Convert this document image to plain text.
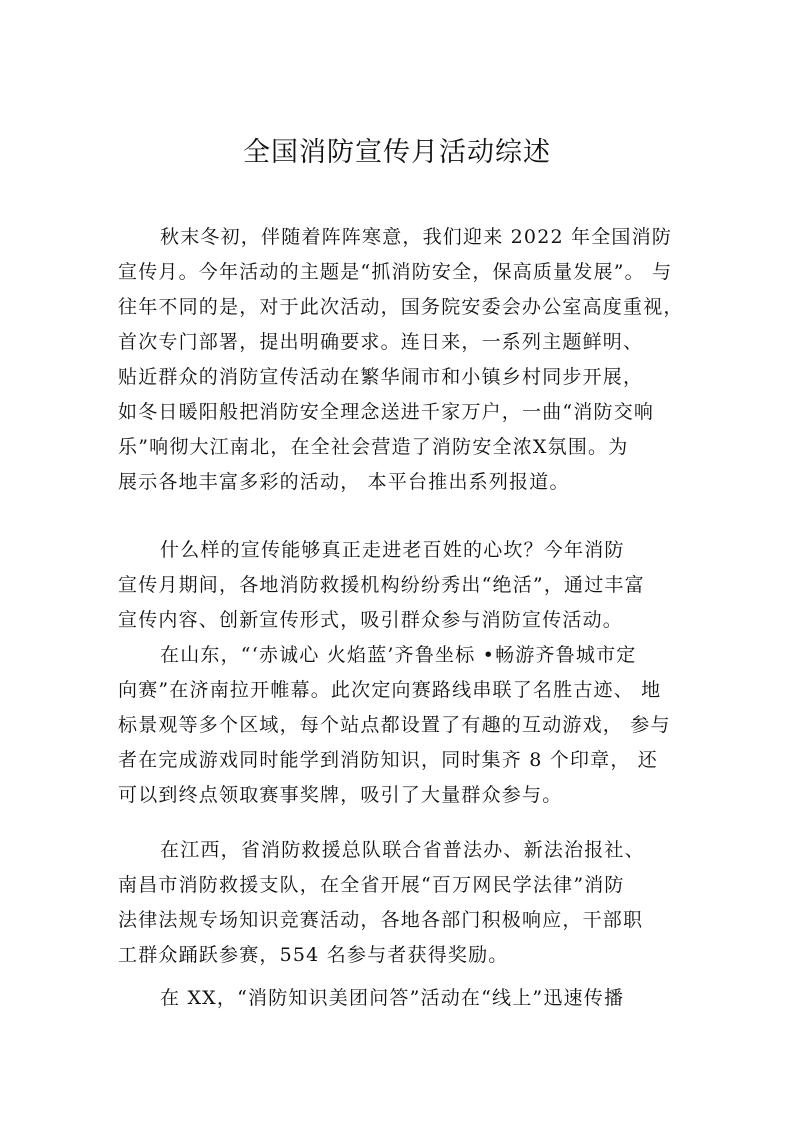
全国消防宣传月活动综述
秋末冬初，伴随着阵阵寒意，我们迎来 2022 年全国消防
宣传月。今年活动的主题是“抓消防安全，保高质量发展”。 与
往年不同的是，对于此次活动，国务院安委会办公室高度重视，
首次专门部署，提出明确要求。连日来，一系列主题鲜明、
贴近群众的消防宣传活动在繁华闹市和小镇乡村同步开展，
如冬日暖阳般把消防安全理念送进千家万户，一曲“消防交响
乐”响彻大江南北，在全社会营造了消防安全浓X氛围。为
展示各地丰富多彩的活动， 本平台推出系列报道。
什么样的宣传能够真正走进老百姓的心坎？今年消防
宣传月期间，各地消防救援机构纷纷秀出“绝活”，通过丰富
宣传内容、创新宣传形式，吸引群众参与消防宣传活动。
在山东，“‘赤诚心 火焰蓝’齐鲁坐标 •畅游齐鲁城市定
向赛”在济南拉开帷幕。此次定向赛路线串联了名胜古迹、 地
标景观等多个区域，每个站点都设置了有趣的互动游戏， 参与
者在完成游戏同时能学到消防知识，同时集齐 8 个印章， 还
可以到终点领取赛事奖牌，吸引了大量群众参与。
在江西，省消防救援总队联合省普法办、新法治报社、
南昌市消防救援支队，在全省开展“百万网民学法律”消防
法律法规专场知识竞赛活动，各地各部门积极响应，干部职
工群众踊跃参赛，554 名参与者获得奖励。
在 XX，“消防知识美团问答”活动在“线上”迅速传播
